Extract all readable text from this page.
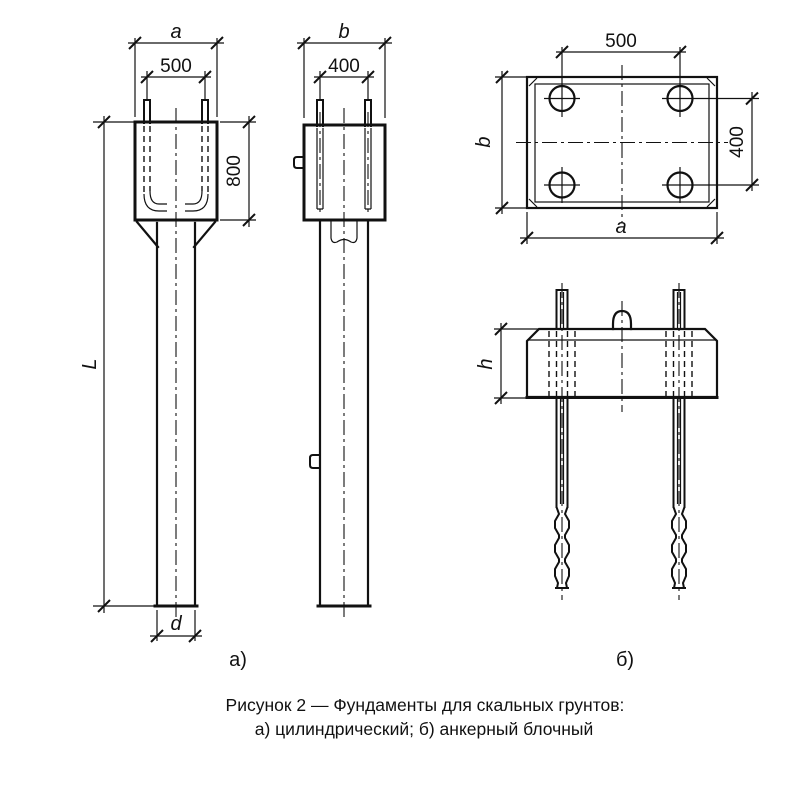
a
500
800
L
d
а)
b
400
500
b	400
a
h
б)
Рисунок 2 — Фундаменты для скальных грунтов:
а) цилиндрический; б) анкерный блочный
